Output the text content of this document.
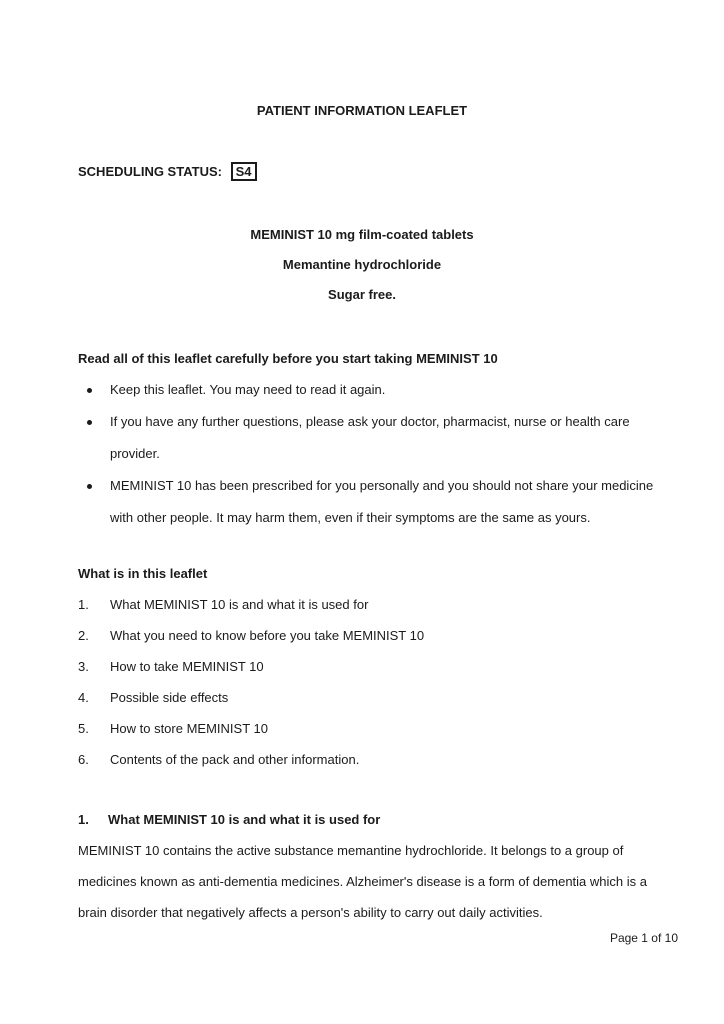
PATIENT INFORMATION LEAFLET
SCHEDULING STATUS: S4

MEMINIST 10 mg film-coated tablets

Memantine hydrochloride

Sugar free.

Read all of this leaflet carefully before you start taking MEMINIST 10

Keep this leaflet. You may need to read it again.
If you have any further questions, please ask your doctor, pharmacist, nurse or health care provider.
MEMINIST 10 has been prescribed for you personally and you should not share your medicine with other people. It may harm them, even if their symptoms are the same as yours.

What is in this leaflet

1.	What MEMINIST 10 is and what it is used for
2.	What you need to know before you take MEMINIST 10
3.	How to take MEMINIST 10
4.	Possible side effects
5.	How to store MEMINIST 10
6.	Contents of the pack and other information.
1.	What MEMINIST 10 is and what it is used for

MEMINIST 10 contains the active substance memantine hydrochloride. It belongs to a group of medicines known as anti-dementia medicines. Alzheimer's disease is a form of dementia which is a brain disorder that negatively affects a person's ability to carry out daily activities.

Page 1 of 10
